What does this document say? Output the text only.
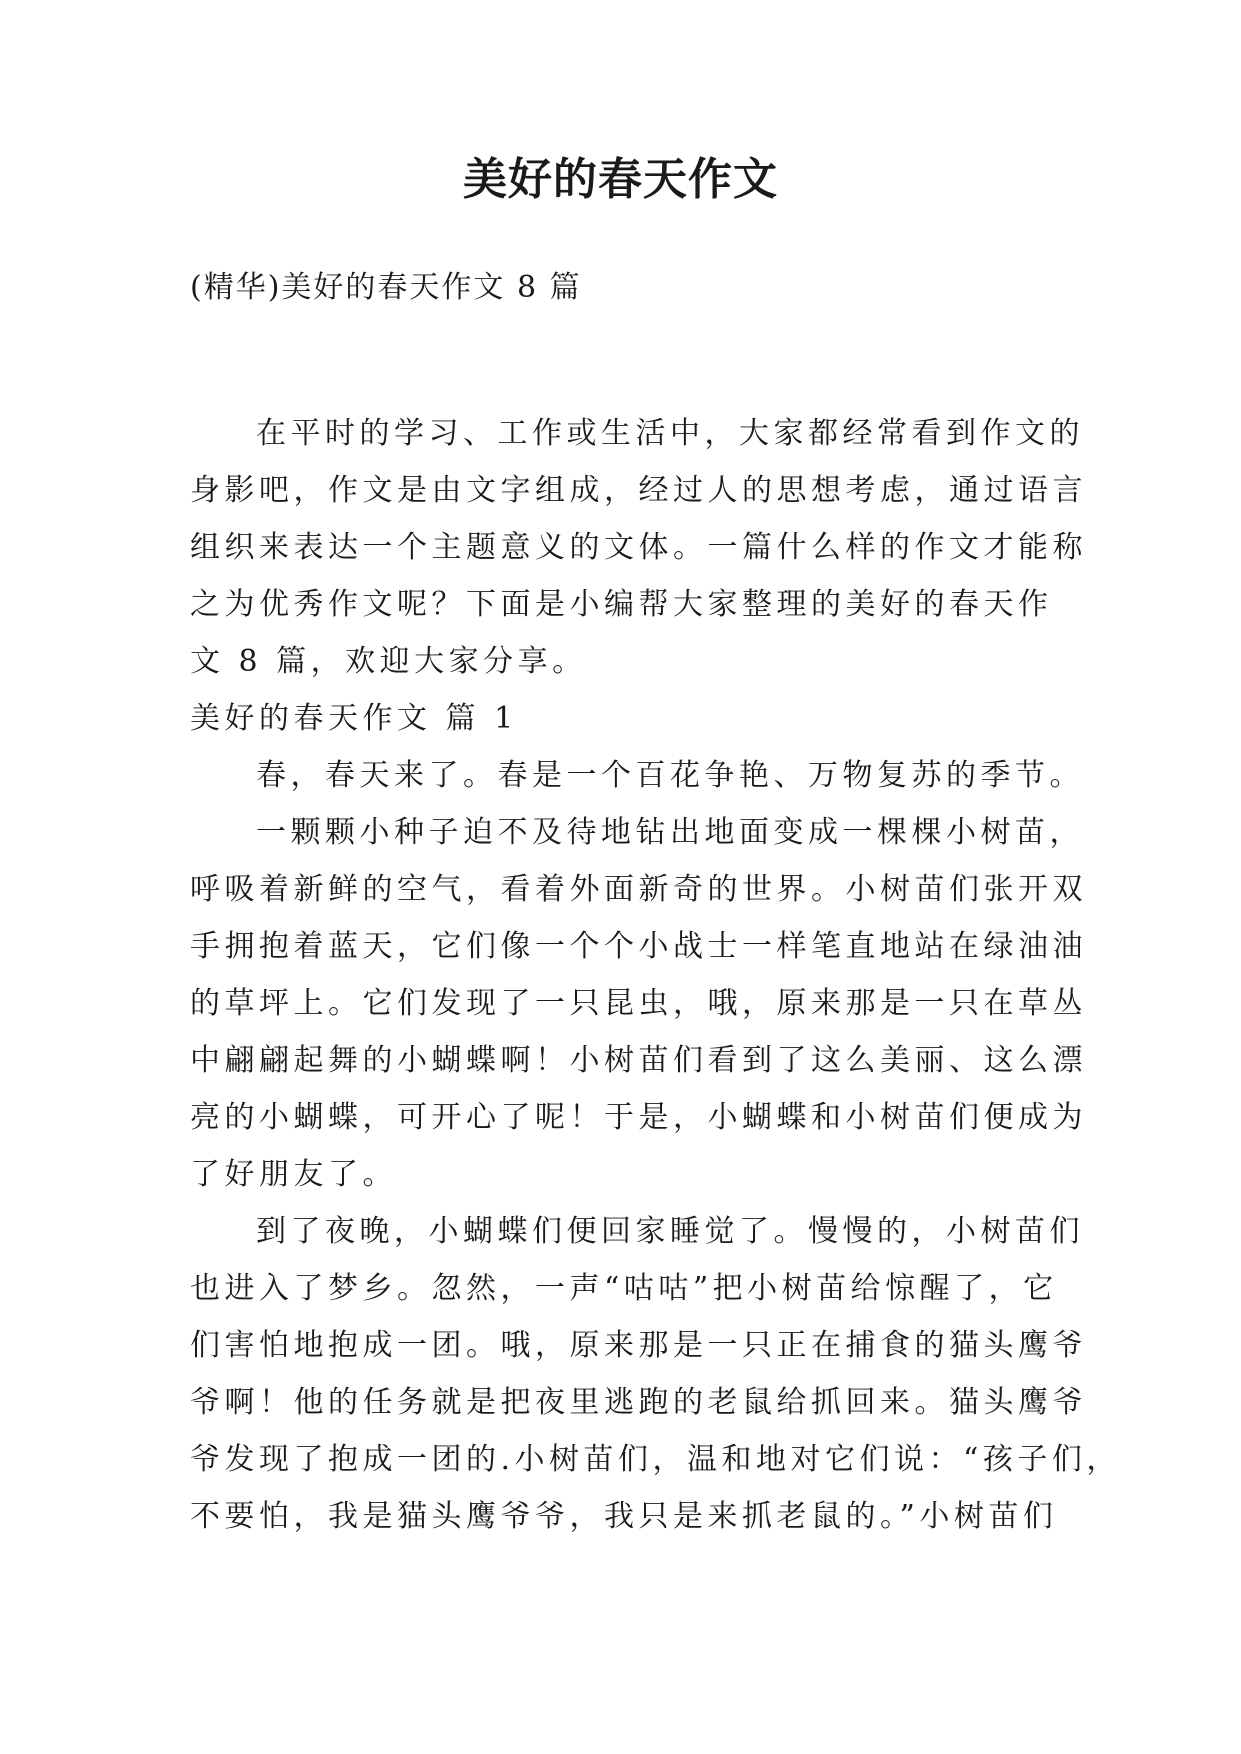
美好的春天作文

(精华)美好的春天作文 8 篇

在平时的学习、工作或生活中，大家都经常看到作文的
身影吧，作文是由文字组成，经过人的思想考虑，通过语言
组织来表达一个主题意义的文体。一篇什么样的作文才能称
之为优秀作文呢？下面是小编帮大家整理的美好的春天作
文 8 篇，欢迎大家分享。
美好的春天作文 篇 1
春，春天来了。春是一个百花争艳、万物复苏的季节。
一颗颗小种子迫不及待地钻出地面变成一棵棵小树苗，
呼吸着新鲜的空气，看着外面新奇的世界。小树苗们张开双
手拥抱着蓝天，它们像一个个小战士一样笔直地站在绿油油
的草坪上。它们发现了一只昆虫，哦，原来那是一只在草丛
中翩翩起舞的小蝴蝶啊！小树苗们看到了这么美丽、这么漂
亮的小蝴蝶，可开心了呢！于是，小蝴蝶和小树苗们便成为
了好朋友了。
到了夜晚，小蝴蝶们便回家睡觉了。慢慢的，小树苗们
也进入了梦乡。忽然，一声“咕咕”把小树苗给惊醒了，它
们害怕地抱成一团。哦，原来那是一只正在捕食的猫头鹰爷
爷啊！他的任务就是把夜里逃跑的老鼠给抓回来。猫头鹰爷
爷发现了抱成一团的.小树苗们，温和地对它们说：“孩子们，
不要怕，我是猫头鹰爷爷，我只是来抓老鼠的。”小树苗们
